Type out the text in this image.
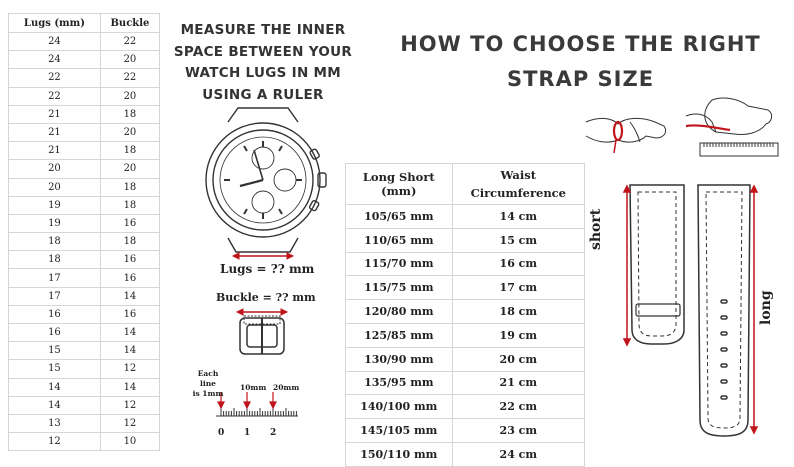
Lugs (mm)	Buckle
24	22
24	20
22	22
22	20
21	18
21	20
21	18
20	20
20	18
19	18
19	16
18	18
18	16
17	16
17	14
16	16
16	14
15	14
15	12
14	14
14	12
13	12
12	10
MEASURE THE INNER
SPACE BETWEEN YOUR
WATCH LUGS IN MM
USING A RULER
HOW TO CHOOSE THE RIGHT
STRAP SIZE
Lugs = ?? mm
Buckle = ?? mm
Each line
is 1mm
10mm 20mm
0 1 2
short
long
Long Short (mm)	Waist Circumference
105/65 mm	14 cm
110/65 mm	15 cm
115/70 mm	16 cm
115/75 mm	17 cm
120/80 mm	18 cm
125/85 mm	19 cm
130/90 mm	20 cm
135/95 mm	21 cm
140/100 mm	22 cm
145/105 mm	23 cm
150/110 mm	24 cm
